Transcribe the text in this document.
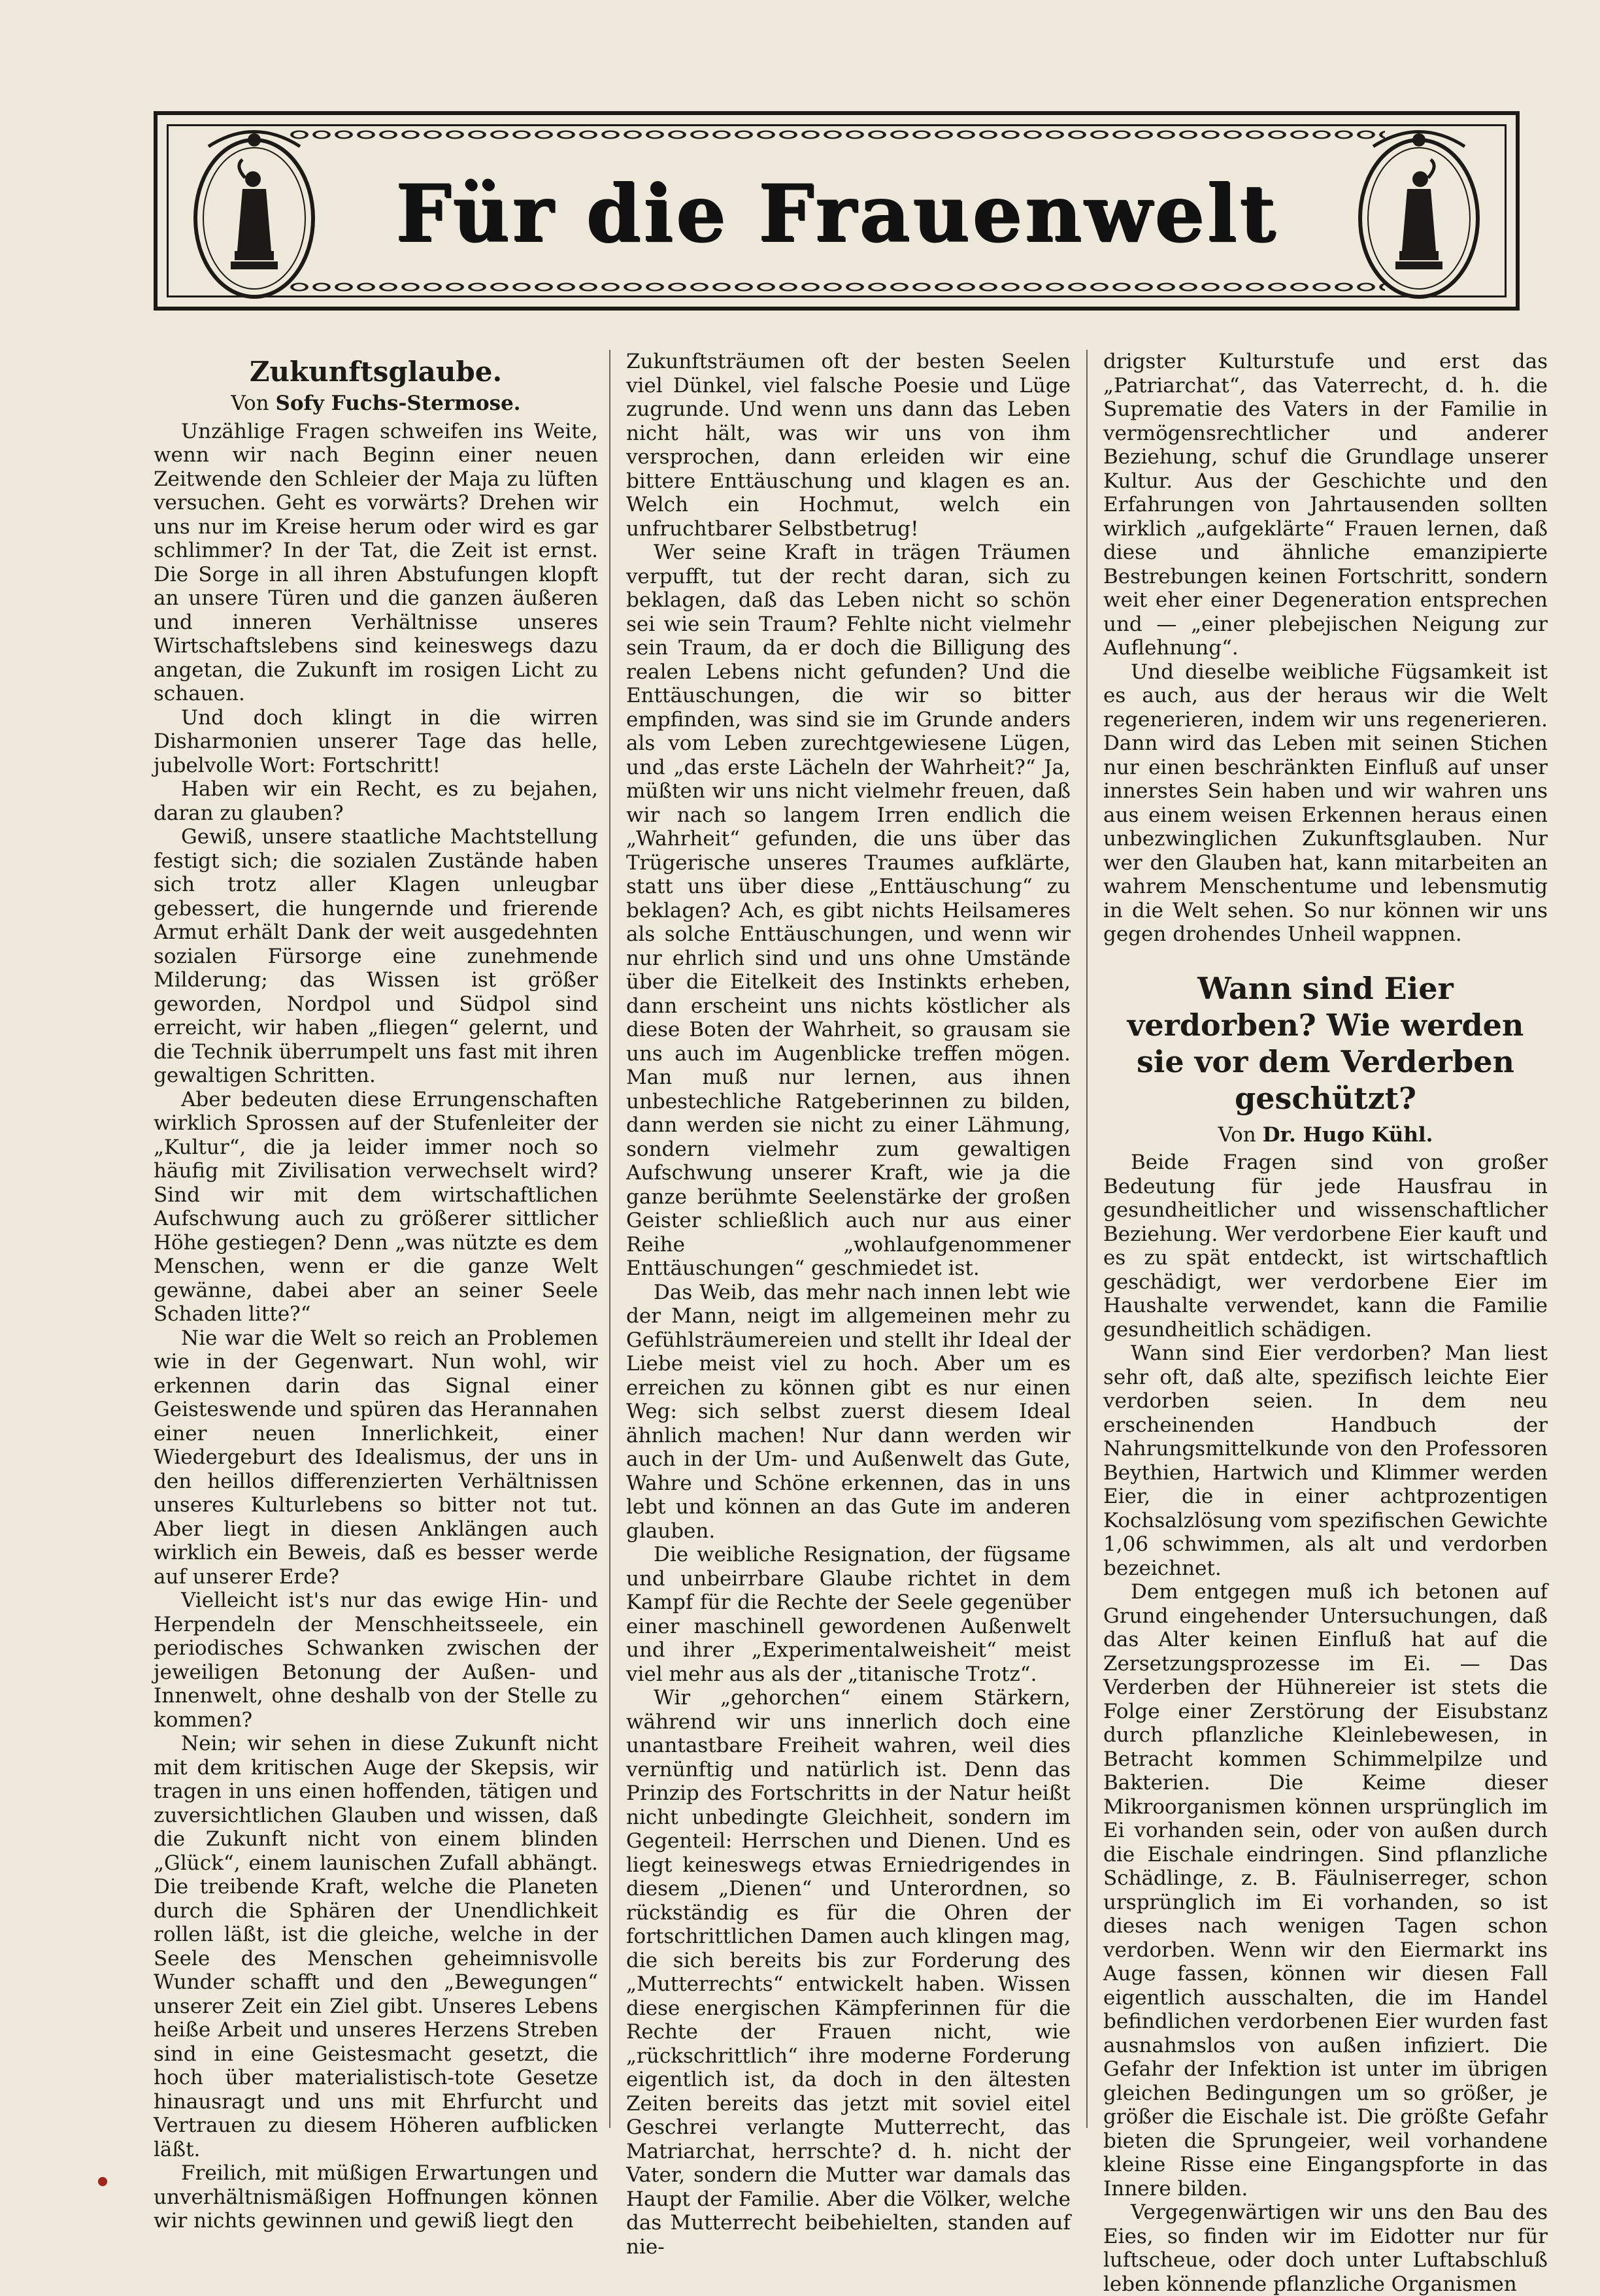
Für die Frauenwelt
Zukunftsglaube.
Von Sofy Fuchs-Stermose.

Unzählige Fragen schweifen ins Weite, wenn wir nach Beginn einer neuen Zeitwende den Schleier der Maja zu lüften versuchen. Geht es vorwärts? Drehen wir uns nur im Kreise herum oder wird es gar schlimmer? In der Tat, die Zeit ist ernst. Die Sorge in all ihren Abstufungen klopft an unsere Türen und die ganzen äußeren und inneren Verhältnisse unseres Wirtschaftslebens sind keineswegs dazu angetan, die Zukunft im rosigen Licht zu schauen.

Und doch klingt in die wirren Disharmonien unserer Tage das helle, jubelvolle Wort: Fortschritt!

Haben wir ein Recht, es zu bejahen, daran zu glauben?

Gewiß, unsere staatliche Machtstellung festigt sich; die sozialen Zustände haben sich trotz aller Klagen unleugbar gebessert, die hungernde und frierende Armut erhält Dank der weit ausgedehnten sozialen Fürsorge eine zunehmende Milderung; das Wissen ist größer geworden, Nordpol und Südpol sind erreicht, wir haben „fliegen“ gelernt, und die Technik überrumpelt uns fast mit ihren gewaltigen Schritten.

Aber bedeuten diese Errungenschaften wirklich Sprossen auf der Stufenleiter der „Kultur“, die ja leider immer noch so häufig mit Zivilisation verwechselt wird? Sind wir mit dem wirtschaftlichen Aufschwung auch zu größerer sittlicher Höhe gestiegen? Denn „was nützte es dem Menschen, wenn er die ganze Welt gewänne, dabei aber an seiner Seele Schaden litte?“

Nie war die Welt so reich an Problemen wie in der Gegenwart. Nun wohl, wir erkennen darin das Signal einer Geisteswende und spüren das Herannahen einer neuen Innerlichkeit, einer Wiedergeburt des Idealismus, der uns in den heillos differenzierten Verhältnissen unseres Kulturlebens so bitter not tut. Aber liegt in diesen Anklängen auch wirklich ein Beweis, daß es besser werde auf unserer Erde?

Vielleicht ist's nur das ewige Hin- und Herpendeln der Menschheitsseele, ein periodisches Schwanken zwischen der jeweiligen Betonung der Außen- und Innenwelt, ohne deshalb von der Stelle zu kommen?

Nein; wir sehen in diese Zukunft nicht mit dem kritischen Auge der Skepsis, wir tragen in uns einen hoffenden, tätigen und zuversichtlichen Glauben und wissen, daß die Zukunft nicht von einem blinden „Glück“, einem launischen Zufall abhängt. Die treibende Kraft, welche die Planeten durch die Sphären der Unendlichkeit rollen läßt, ist die gleiche, welche in der Seele des Menschen geheimnisvolle Wunder schafft und den „Bewegungen“ unserer Zeit ein Ziel gibt. Unseres Lebens heiße Arbeit und unseres Herzens Streben sind in eine Geistesmacht gesetzt, die hoch über materialistisch-tote Gesetze hinausragt und uns mit Ehrfurcht und Vertrauen zu diesem Höheren aufblicken läßt.

Freilich, mit müßigen Erwartungen und unverhältnismäßigen Hoffnungen können wir nichts gewinnen und gewiß liegt den

Zukunftsträumen oft der besten Seelen viel Dünkel, viel falsche Poesie und Lüge zugrunde. Und wenn uns dann das Leben nicht hält, was wir uns von ihm versprochen, dann erleiden wir eine bittere Enttäuschung und klagen es an. Welch ein Hochmut, welch ein unfruchtbarer Selbstbetrug!

Wer seine Kraft in trägen Träumen verpufft, tut der recht daran, sich zu beklagen, daß das Leben nicht so schön sei wie sein Traum? Fehlte nicht vielmehr sein Traum, da er doch die Billigung des realen Lebens nicht gefunden? Und die Enttäuschungen, die wir so bitter empfinden, was sind sie im Grunde anders als vom Leben zurechtgewiesene Lügen, und „das erste Lächeln der Wahrheit?“ Ja, müßten wir uns nicht vielmehr freuen, daß wir nach so langem Irren endlich die „Wahrheit“ gefunden, die uns über das Trügerische unseres Traumes aufklärte, statt uns über diese „Enttäuschung“ zu beklagen? Ach, es gibt nichts Heilsameres als solche Enttäuschungen, und wenn wir nur ehrlich sind und uns ohne Umstände über die Eitelkeit des Instinkts erheben, dann erscheint uns nichts köstlicher als diese Boten der Wahrheit, so grausam sie uns auch im Augenblicke treffen mögen. Man muß nur lernen, aus ihnen unbestechliche Ratgeberinnen zu bilden, dann werden sie nicht zu einer Lähmung, sondern vielmehr zum gewaltigen Aufschwung unserer Kraft, wie ja die ganze berühmte Seelenstärke der großen Geister schließlich auch nur aus einer Reihe „wohlaufgenommener Enttäuschungen“ geschmiedet ist.

Das Weib, das mehr nach innen lebt wie der Mann, neigt im allgemeinen mehr zu Gefühlsträumereien und stellt ihr Ideal der Liebe meist viel zu hoch. Aber um es erreichen zu können gibt es nur einen Weg: sich selbst zuerst diesem Ideal ähnlich machen! Nur dann werden wir auch in der Um- und Außenwelt das Gute, Wahre und Schöne erkennen, das in uns lebt und können an das Gute im anderen glauben.

Die weibliche Resignation, der fügsame und unbeirrbare Glaube richtet in dem Kampf für die Rechte der Seele gegenüber einer maschinell gewordenen Außenwelt und ihrer „Experimentalweisheit“ meist viel mehr aus als der „titanische Trotz“.

Wir „gehorchen“ einem Stärkern, während wir uns innerlich doch eine unantastbare Freiheit wahren, weil dies vernünftig und natürlich ist. Denn das Prinzip des Fortschritts in der Natur heißt nicht unbedingte Gleichheit, sondern im Gegenteil: Herrschen und Dienen. Und es liegt keineswegs etwas Erniedrigendes in diesem „Dienen“ und Unterordnen, so rückständig es für die Ohren der fortschrittlichen Damen auch klingen mag, die sich bereits bis zur Forderung des „Mutterrechts“ entwickelt haben. Wissen diese energischen Kämpferinnen für die Rechte der Frauen nicht, wie „rückschrittlich“ ihre moderne Forderung eigentlich ist, da doch in den ältesten Zeiten bereits das jetzt mit soviel eitel Geschrei verlangte Mutterrecht, das Matriarchat, herrschte? d. h. nicht der Vater, sondern die Mutter war damals das Haupt der Familie. Aber die Völker, welche das Mutterrecht beibehielten, standen auf nie-

drigster Kulturstufe und erst das „Patriarchat“, das Vaterrecht, d. h. die Suprematie des Vaters in der Familie in vermögensrechtlicher und anderer Beziehung, schuf die Grundlage unserer Kultur. Aus der Geschichte und den Erfahrungen von Jahrtausenden sollten wirklich „aufgeklärte“ Frauen lernen, daß diese und ähnliche emanzipierte Bestrebungen keinen Fortschritt, sondern weit eher einer Degeneration entsprechen und — „einer plebejischen Neigung zur Auflehnung“.

Und dieselbe weibliche Fügsamkeit ist es auch, aus der heraus wir die Welt regenerieren, indem wir uns regenerieren. Dann wird das Leben mit seinen Stichen nur einen beschränkten Einfluß auf unser innerstes Sein haben und wir wahren uns aus einem weisen Erkennen heraus einen unbezwinglichen Zukunftsglauben. Nur wer den Glauben hat, kann mitarbeiten an wahrem Menschentume und lebensmutig in die Welt sehen. So nur können wir uns gegen drohendes Unheil wappnen.

Wann sind Eier verdorben? Wie werden sie vor dem Verderben geschützt?
Von Dr. Hugo Kühl.

Beide Fragen sind von großer Bedeutung für jede Hausfrau in gesundheitlicher und wissenschaftlicher Beziehung. Wer verdorbene Eier kauft und es zu spät entdeckt, ist wirtschaftlich geschädigt, wer verdorbene Eier im Haushalte verwendet, kann die Familie gesundheitlich schädigen.

Wann sind Eier verdorben? Man liest sehr oft, daß alte, spezifisch leichte Eier verdorben seien. In dem neu erscheinenden Handbuch der Nahrungsmittelkunde von den Professoren Beythien, Hartwich und Klimmer werden Eier, die in einer achtprozentigen Kochsalzlösung vom spezifischen Gewichte 1,06 schwimmen, als alt und verdorben bezeichnet.

Dem entgegen muß ich betonen auf Grund eingehender Untersuchungen, daß das Alter keinen Einfluß hat auf die Zersetzungsprozesse im Ei. — Das Verderben der Hühnereier ist stets die Folge einer Zerstörung der Eisubstanz durch pflanzliche Kleinlebewesen, in Betracht kommen Schimmelpilze und Bakterien. Die Keime dieser Mikroorganismen können ursprünglich im Ei vorhanden sein, oder von außen durch die Eischale eindringen. Sind pflanzliche Schädlinge, z. B. Fäulniserreger, schon ursprünglich im Ei vorhanden, so ist dieses nach wenigen Tagen schon verdorben. Wenn wir den Eiermarkt ins Auge fassen, können wir diesen Fall eigentlich ausschalten, die im Handel befindlichen verdorbenen Eier wurden fast ausnahmslos von außen infiziert. Die Gefahr der Infektion ist unter im übrigen gleichen Bedingungen um so größer, je größer die Eischale ist. Die größte Gefahr bieten die Sprungeier, weil vorhandene kleine Risse eine Eingangspforte in das Innere bilden.

Vergegenwärtigen wir uns den Bau des Eies, so finden wir im Eidotter nur für luftscheue, oder doch unter Luftabschluß leben könnende pflanzliche Organismen
